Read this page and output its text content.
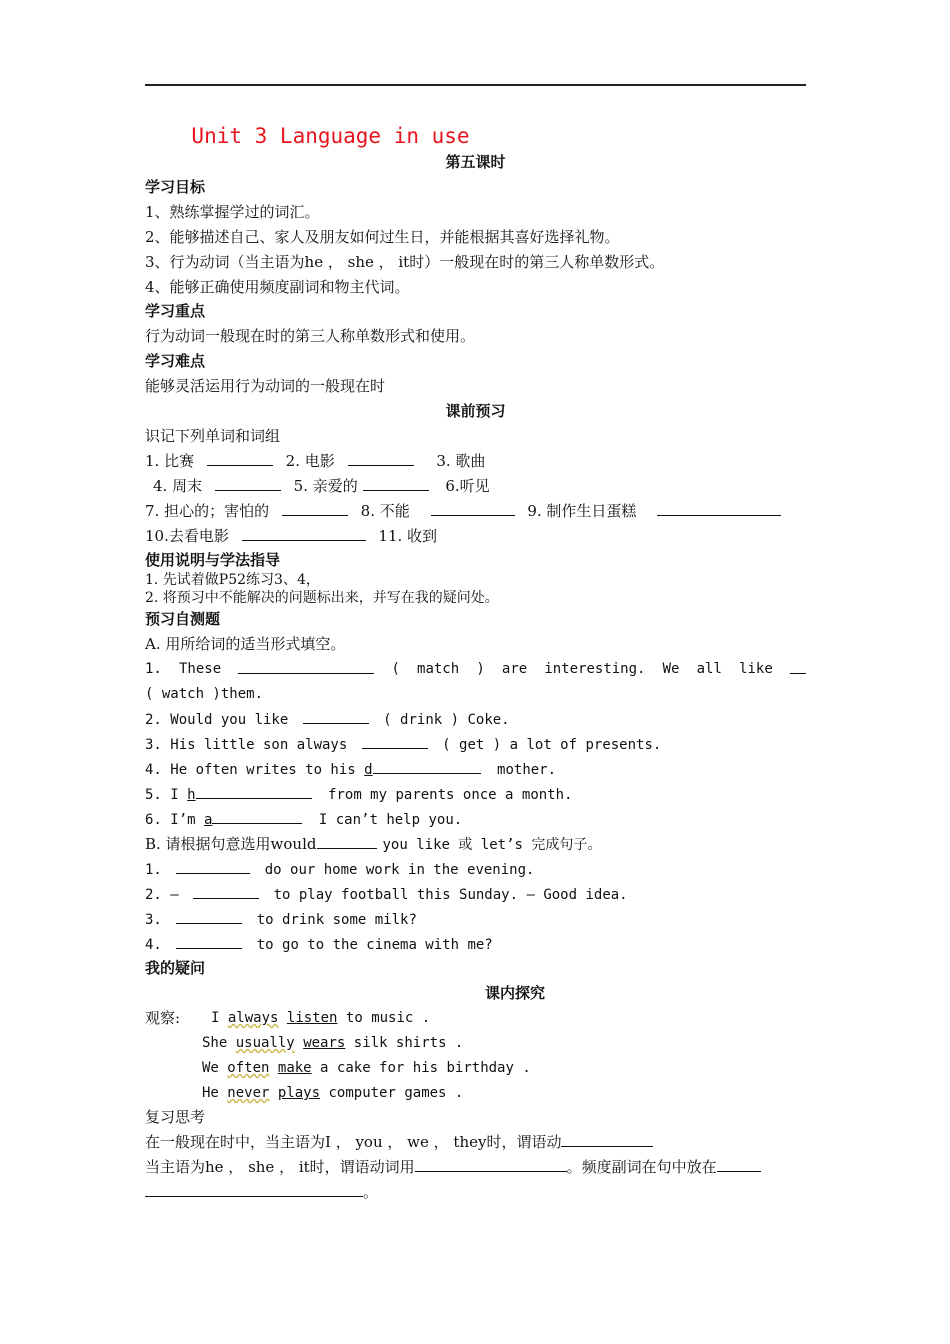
Unit 3 Language in use
第五课时
学习目标
1、熟练掌握学过的词汇。
2、能够描述自己、家人及朋友如何过生日，并能根据其喜好选择礼物。
3、行为动词（当主语为he ， she ， it时）一般现在时的第三人称单数形式。
4、能够正确使用频度副词和物主代词。
学习重点
行为动词一般现在时的第三人称单数形式和使用。
学习难点
能够灵活运用行为动词的一般现在时
课前预习
识记下列单词和词组
1. 比赛	2. 电影	3. 歌曲
4. 周末	5. 亲爱的	6.听见
7. 担心的；害怕的	8. 不能	9. 制作生日蛋糕
10.去看电影	11. 收到
使用说明与学法指导
1. 先试着做P52练习3、4，
2. 将预习中不能解决的问题标出来，并写在我的疑问处。
预习自测题
A. 用所给词的适当形式填空。
1. These	( match ) are interesting. We all like
( watch )them.
2. Would you like	( drink ) Coke.
3. His little son always	( get ) a lot of presents.
4. He often writes to his d	mother.
5. I h	from my parents once a month.
6. I’m a	I can’t help you.
B. 请根据句意选用would	you like 或 let’s 完成句子。
1.	do our home work in the evening.
2. —	to play football this Sunday. — Good idea.
3.	to drink some milk?
4.	to go to the cinema with me?
我的疑问
课内探究
观察: I always listen to music .
She usually wears silk shirts .
We often make a cake for his birthday .
He never plays computer games .
复习思考
在一般现在时中，当主语为I ， you ， we ， they时，谓语动
当主语为he ， she ， it时，谓语动词用	。频度副词在句中放在
。
